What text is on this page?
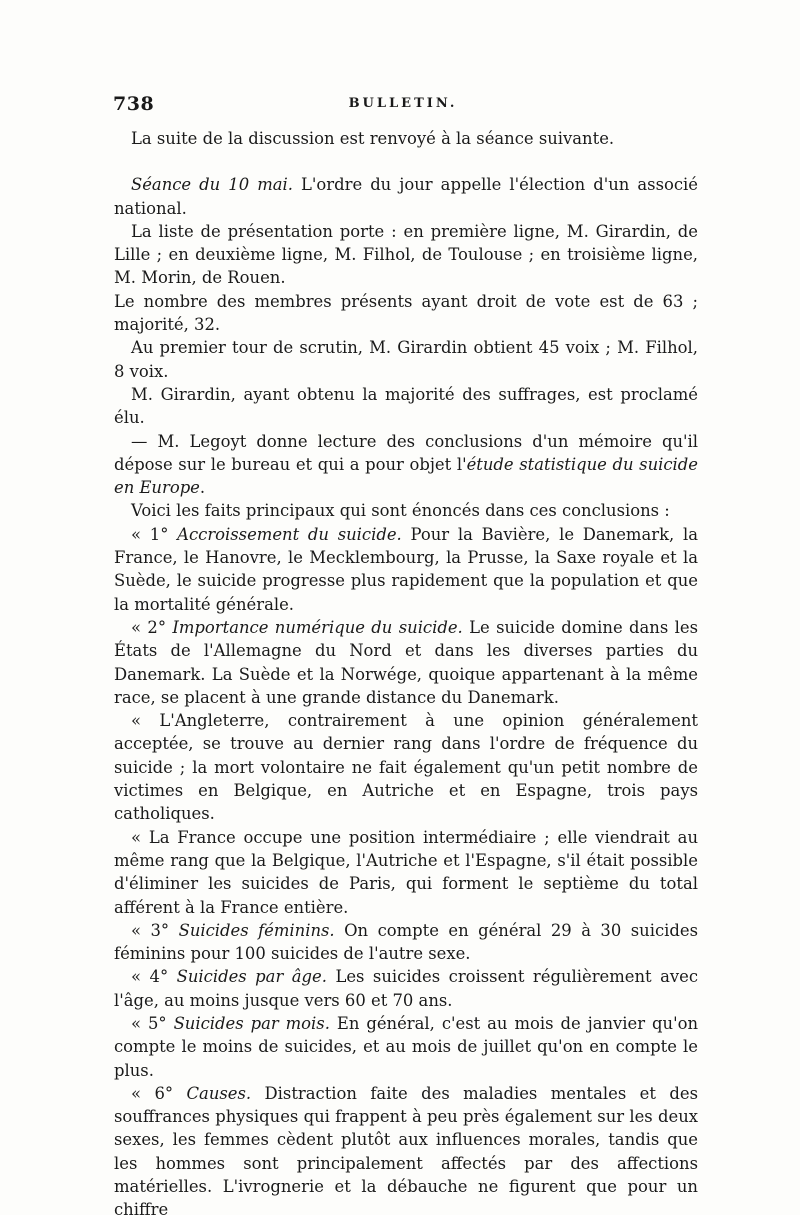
738	BULLETIN.

La suite de la discussion est renvoyé à la séance suivante.

Séance du 10 mai. L'ordre du jour appelle l'élection d'un associé national.

La liste de présentation porte : en première ligne, M. Girardin, de Lille ; en deuxième ligne, M. Filhol, de Toulouse ; en troisième ligne, M. Morin, de Rouen.

Le nombre des membres présents ayant droit de vote est de 63 ; majorité, 32.

Au premier tour de scrutin, M. Girardin obtient 45 voix ; M. Filhol, 8 voix.

M. Girardin, ayant obtenu la majorité des suffrages, est proclamé élu.

— M. Legoyt donne lecture des conclusions d'un mémoire qu'il dépose sur le bureau et qui a pour objet l'étude statistique du suicide en Europe.

Voici les faits principaux qui sont énoncés dans ces conclusions :

« 1° Accroissement du suicide. Pour la Bavière, le Danemark, la France, le Hanovre, le Mecklembourg, la Prusse, la Saxe royale et la Suède, le suicide progresse plus rapidement que la population et que la mortalité générale.

« 2° Importance numérique du suicide. Le suicide domine dans les États de l'Allemagne du Nord et dans les diverses parties du Danemark. La Suède et la Norwége, quoique appartenant à la même race, se placent à une grande distance du Danemark.

« L'Angleterre, contrairement à une opinion généralement acceptée, se trouve au dernier rang dans l'ordre de fréquence du suicide ; la mort volontaire ne fait également qu'un petit nombre de victimes en Belgique, en Autriche et en Espagne, trois pays catholiques.

« La France occupe une position intermédiaire ; elle viendrait au même rang que la Belgique, l'Autriche et l'Espagne, s'il était possible d'éliminer les suicides de Paris, qui forment le septième du total afférent à la France entière.

« 3° Suicides féminins. On compte en général 29 à 30 suicides féminins pour 100 suicides de l'autre sexe.

« 4° Suicides par âge. Les suicides croissent régulièrement avec l'âge, au moins jusque vers 60 et 70 ans.

« 5° Suicides par mois. En général, c'est au mois de janvier qu'on compte le moins de suicides, et au mois de juillet qu'on en compte le plus.

« 6° Causes. Distraction faite des maladies mentales et des souffrances physiques qui frappent à peu près également sur les deux sexes, les femmes cèdent plutôt aux influences morales, tandis que les hommes sont principalement affectés par des affections matérielles. L'ivrognerie et la débauche ne figurent que pour un chiffre
